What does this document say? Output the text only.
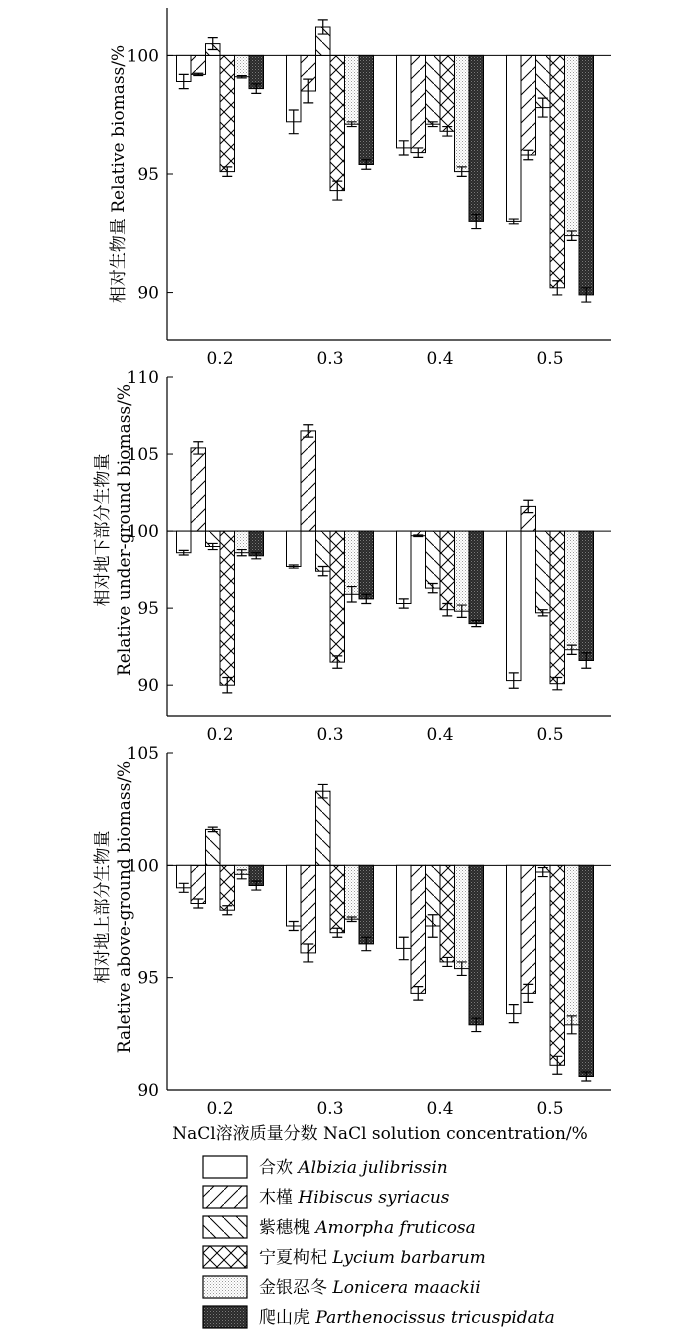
90
95
100
0.2	0.3	0.4	0.5
相对生物量 Relative biomass/%
90
95
100
105
110
0.2	0.3	0.4	0.5
相对地下部分生物量 Relative under-ground biomass/%
90
95
100
105
0.2	0.3	0.4	0.5
相对地上部分生物量 Raletive above-ground biomass/%
NaCl溶液质量分数 NaCl solution concentration/%
合欢 Albizia julibrissin
木槿 Hibiscus syriacus
紫穗槐 Amorpha fruticosa
宁夏枸杞 Lycium barbarum
金银忍冬 Lonicera maackii
爬山虎 Parthenocissus tricuspidata
